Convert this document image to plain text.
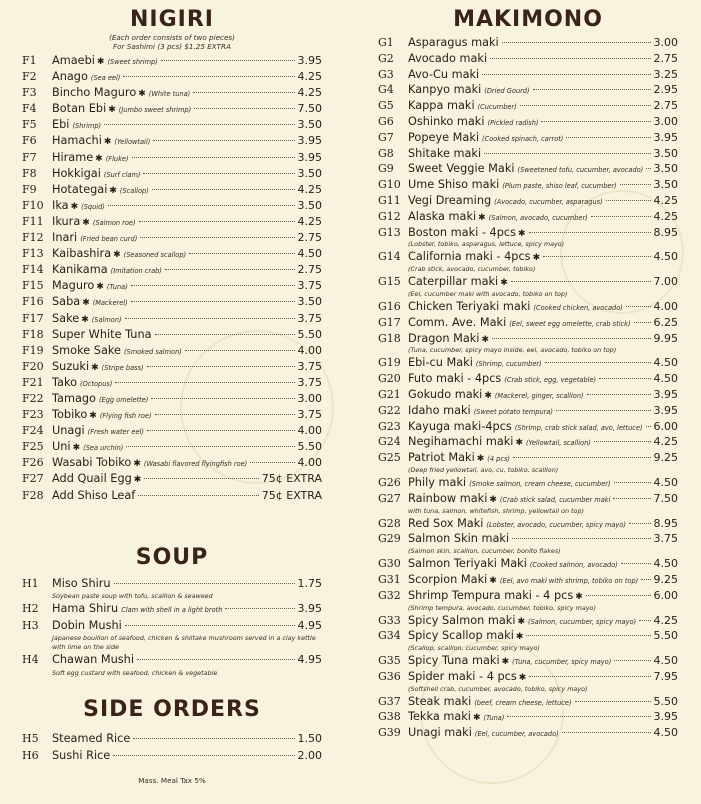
NIGIRI
(Each order consists of two pieces)
For Sashimi (3 pcs) $1.25 EXTRA
F1	Amaebi ✱ (Sweet shrimp)	3.95
F2	Anago (Sea eel)	4.25
F3	Bincho Maguro ✱ (White tuna)	4.25
F4	Botan Ebi ✱ (Jumbo sweet shrimp)	7.50
F5	Ebi (Shrimp)	3.50
F6	Hamachi ✱ (Yellowtail)	3.95
F7	Hirame ✱ (Fluke)	3.95
F8	Hokkigai (Surf clam)	3.50
F9	Hotategai ✱ (Scallop)	4.25
F10 Ika ✱ (Squid)	3.50
F11 Ikura ✱ (Salmon roe)	4.25
F12 Inari (Fried bean curd)	2.75
F13 Kaibashira ✱ (Seasoned scallop)	4.50
F14 Kanikama (Imitation crab)	2.75
F15 Maguro ✱ (Tuna)	3.75
F16 Saba ✱ (Mackerel)	3.50
F17 Sake ✱ (Salmon)	3.75
F18 Super White Tuna	5.50
F19 Smoke Sake (Smoked salmon)	4.00
F20 Suzuki ✱ (Stripe bass)	3.75
F21 Tako (Octopus)	3.75
F22 Tamago (Egg omelette)	3.00
F23 Tobiko ✱ (Flying fish roe)	3.75
F24 Unagi (Fresh water eel)	4.00
F25 Uni ✱ (Sea urchin)	5.50
F26 Wasabi Tobiko ✱ (Wasabi flavored flyingfish roe)	4.00
F27 Add Quail Egg ✱	75¢ EXTRA
F28 Add Shiso Leaf	75¢ EXTRA
SOUP
H1	Miso Shiru	1.75
Soybean paste soup with tofu, scallion & seaweed
H2	Hama Shiru Clam with shell in a light broth	3.95
H3	Dobin Mushi	4.95
Japanese bouillon of seafood, chicken & shiitake mushroom served in a clay kettle with lime on the side
H4	Chawan Mushi	4.95
Soft egg custard with seafood, chicken & vegetable
SIDE ORDERS
H5	Steamed Rice	1.50
H6	Sushi Rice	2.00
Mass. Meal Tax 5%
MAKIMONO
G1	Asparagus maki	3.00
G2	Avocado maki	2.75
G3	Avo-Cu maki	3.25
G4	Kanpyo maki (Dried Gourd)	2.95
G5	Kappa maki (Cucumber)	2.75
G6	Oshinko maki (Pickled radish)	3.00
G7	Popeye Maki (Cooked spinach, carrot)	3.95
G8	Shitake maki	3.50
G9	Sweet Veggie Maki (Sweetened tofu, cucumber, avocado) 3.50
G10 Ume Shiso maki (Plum paste, shiso leaf, cucumber)	3.50
G11 Vegi Dreaming (Avocado, cucumber, asparagus)	4.25
G12 Alaska maki ✱ (Salmon, avocado, cucumber)	4.25
G13 Boston maki - 4pcs ✱	8.95
(Lobster, tobiko, asparagus, lettuce, spicy mayo)
G14 California maki - 4pcs ✱	4.50
(Crab stick, avocado, cucumber, tobiko)
G15 Caterpillar maki ✱	7.00
(Eel, cucumber maki with avocado, tobiko on top)
G16 Chicken Teriyaki maki (Cooked chicken, avocado)	4.00
G17 Comm. Ave. Maki (Eel, sweet egg omelette, crab stick) 6.25
G18 Dragon Maki ✱	9.95
(Tuna, cucumber, spicy mayo inside, eel, avocado, tobiko on top)
G19 Ebi-cu Maki (Shrimp, cucumber)	4.50
G20 Futo maki - 4pcs (Crab stick, egg, vegetable)	4.50
G21 Gokudo maki ✱ (Mackerel, ginger, scallion)	3.95
G22 Idaho maki (Sweet potato tempura)	3.95
G23 Kayuga maki-4pcs (Shrimp, crab stick salad, avo, lettuce) 6.00
G24 Negihamachi maki ✱ (Yellowtail, scallion)	4.25
G25 Patriot Maki ✱ (4 pcs)	9.25
(Deep fried yellowtail, avo, cu, tobiko, scallion)
G26 Phily maki (Smoke salmon, cream cheese, cucumber)	4.50
G27 Rainbow maki ✱ (Crab stick salad, cucumber maki	7.50
with tuna, salmon, whitefish, shrimp, yellowtail on top)
G28 Red Sox Maki (Lobster, avocado, cucumber, spicy mayo)	8.95
G29 Salmon Skin maki	3.75
(Salmon skin, scallion, cucumber, bonito flakes)
G30 Salmon Teriyaki Maki (Cooked salmon, avocado)	4.50
G31 Scorpion Maki ✱ (Eel, avo maki with shrimp, tobiko on top) 9.25
G32 Shrimp Tempura maki - 4 pcs ✱	6.00
(Shrimp tempura, avocado, cucumber, tobiko, spicy mayo)
G33 Spicy Salmon maki ✱ (Salmon, cucumber, spicy mayo) 4.25
G34 Spicy Scallop maki ✱	5.50
(Scallop, scallion, cucumber, spicy mayo)
G35 Spicy Tuna maki ✱ (Tuna, cucumber, spicy mayo)	4.50
G36 Spider maki - 4 pcs ✱	7.95
(Softshell crab, cucumber, avocado, tobiko, spicy mayo)
G37 Steak maki (beef, cream cheese, lettuce)	5.50
G38 Tekka maki ✱ (Tuna)	3.95
G39 Unagi maki (Eel, cucumber, avocado)	4.50
